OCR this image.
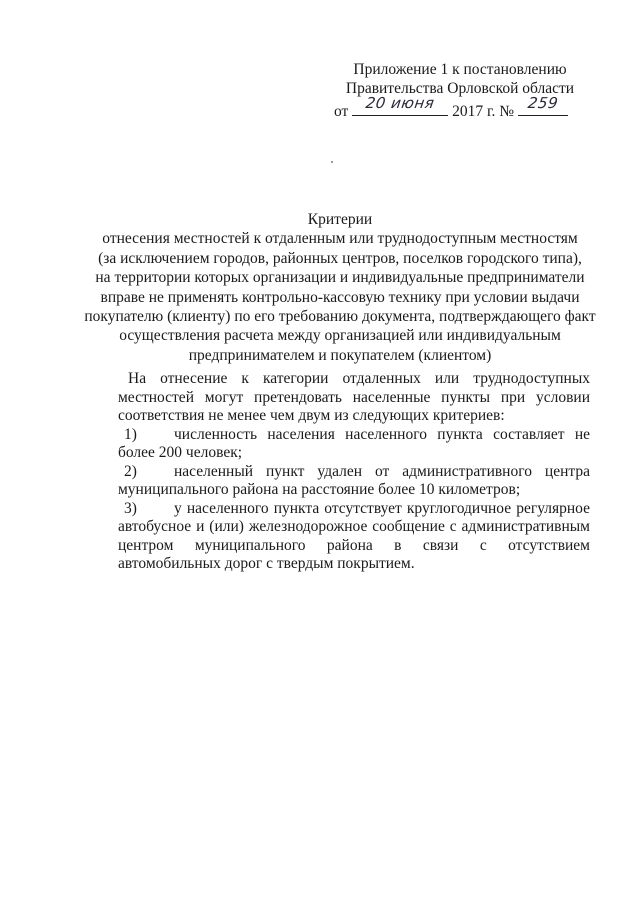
Приложение 1 к постановлению
Правительства Орловской области
от	20 июня	2017 г. № 259
Критерии
отнесения местностей к отдаленным или труднодоступным местностям
(за исключением городов, районных центров, поселков городского типа),
на территории которых организации и индивидуальные предприниматели
вправе не применять контрольно-кассовую технику при условии выдачи
покупателю (клиенту) по его требованию документа, подтверждающего факт
осуществления расчета между организацией или индивидуальным
предпринимателем и покупателем (клиентом)

На отнесение к категории отдаленных или труднодоступных местностей могут претендовать населенные пункты при условии соответствия не менее чем двум из следующих критериев:

1) численность населения населенного пункта составляет не более 200 человек;

2) населенный пункт удален от административного центра муниципального района на расстояние более 10 километров;

3) у населенного пункта отсутствует круглогодичное регулярное автобусное и (или) железнодорожное сообщение с административным центром муниципального района в связи с отсутствием автомобильных дорог с твердым покрытием.
